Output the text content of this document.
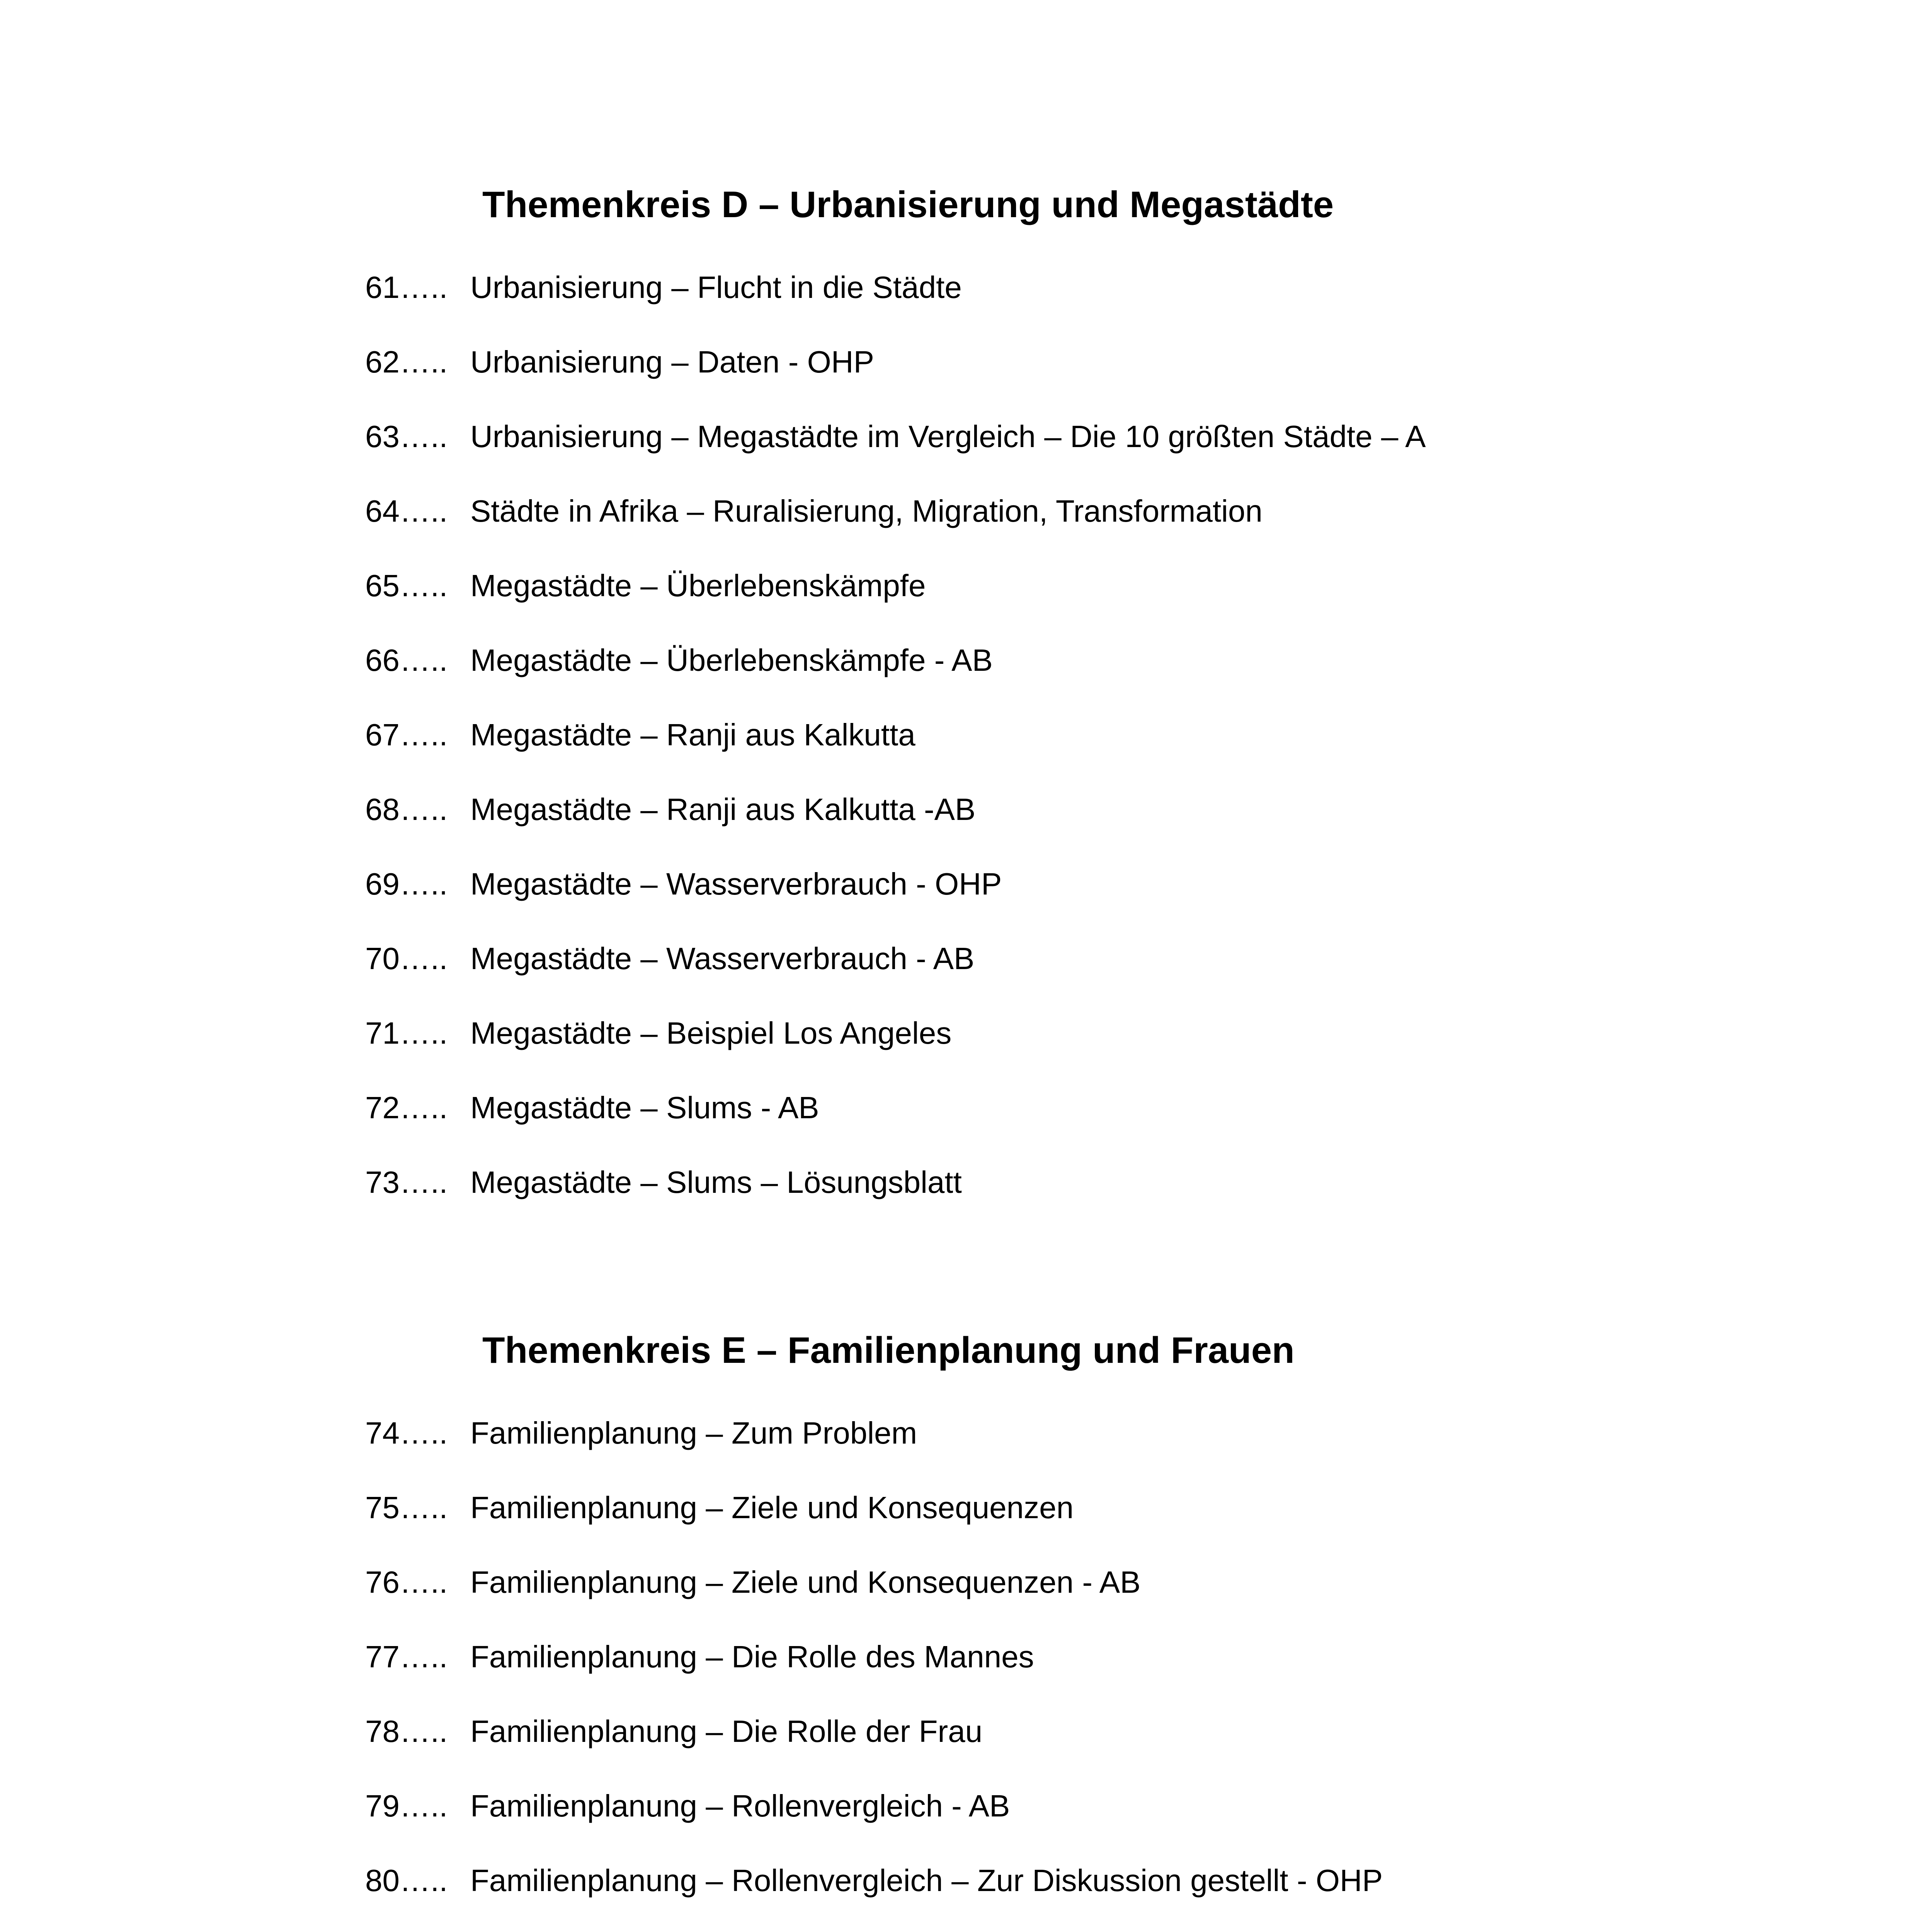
Themenkreis D – Urbanisierung und Megastädte
61….. Urbanisierung – Flucht in die Städte
62….. Urbanisierung – Daten - OHP
63….. Urbanisierung – Megastädte im Vergleich – Die 10 größten Städte – A
64….. Städte in Afrika – Ruralisierung, Migration, Transformation
65….. Megastädte – Überlebenskämpfe
66….. Megastädte – Überlebenskämpfe - AB
67….. Megastädte – Ranji aus Kalkutta
68….. Megastädte – Ranji aus Kalkutta -AB
69….. Megastädte – Wasserverbrauch - OHP
70….. Megastädte – Wasserverbrauch - AB
71….. Megastädte – Beispiel Los Angeles
72….. Megastädte – Slums - AB
73….. Megastädte – Slums – Lösungsblatt
Themenkreis E – Familienplanung und Frauen
74….. Familienplanung – Zum Problem
75….. Familienplanung – Ziele und Konsequenzen
76….. Familienplanung – Ziele und Konsequenzen - AB
77….. Familienplanung – Die Rolle des Mannes
78….. Familienplanung – Die Rolle der Frau
79….. Familienplanung – Rollenvergleich - AB
80….. Familienplanung – Rollenvergleich – Zur Diskussion gestellt - OHP
